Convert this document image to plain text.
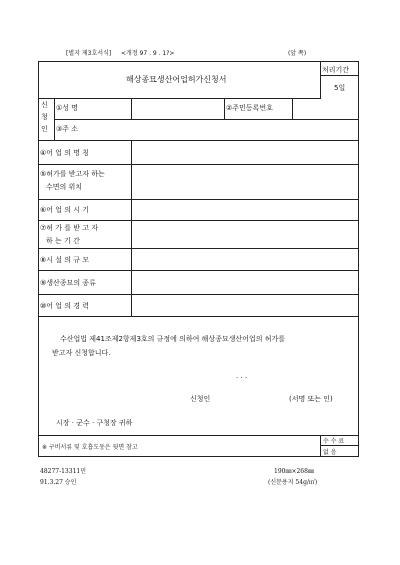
[별지 제3호서식] <개정 97 . 9 . 1?>	(앞 쪽)
해상종묘생산어업허가신청서
처리기간
5일
신
청
인
①성 명	②주민등록번호
③주 소
④어 업 의 명 칭
⑤허가를 받고자 하는
수면의 위치
⑥어 업 의 시 기
⑦허 가 를 받 고 자
하 는 기 간
⑧시 설 의 규 모
⑨생산종묘의 종류
⑩어 업 의 경 력
수산업법 제41조제2항제3호의 규정에 의하여 해상종묘생산어업의 허가를
받고자 신청합니다.
. . .
신청인	(서명 또는 인)
시장 · 군수 · 구청장 귀하
※ 구비서류 및 호흡도동은 뒷면 참고
수 수 료
없 음
48277-13311민
91.3.27 승인
190㎜×268㎜
(신문용지 54g/㎡)
